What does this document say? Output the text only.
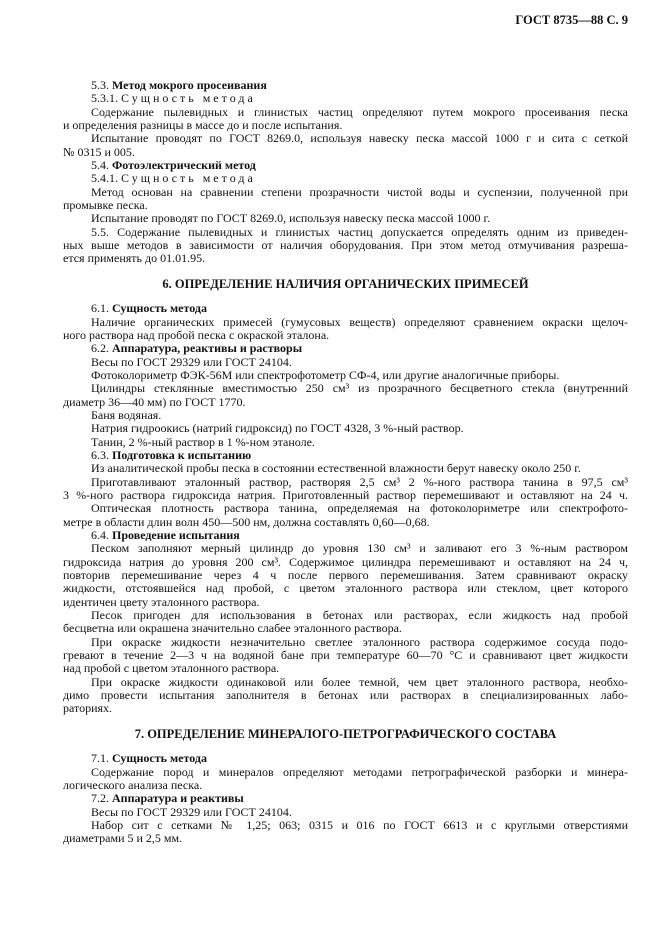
ГОСТ 8735—88 С. 9
5.3. Метод мокрого просеивания
5.3.1. Сущность метода
Содержание пылевидных и глинистых частиц определяют путем мокрого просеивания песка
и определения разницы в массе до и после испытания.
Испытание проводят по ГОСТ 8269.0, используя навеску песка массой 1000 г и сита с сеткой
№ 0315 и 005.
5.4. Фотоэлектрический метод
5.4.1. Сущность метода
Метод основан на сравнении степени прозрачности чистой воды и суспензии, полученной при
промывке песка.
Испытание проводят по ГОСТ 8269.0, используя навеску песка массой 1000 г.
5.5. Содержание пылевидных и глинистых частиц допускается определять одним из приведен-
ных выше методов в зависимости от наличия оборудования. При этом метод отмучивания разреша-
ется применять до 01.01.95.
6. ОПРЕДЕЛЕНИЕ НАЛИЧИЯ ОРГАНИЧЕСКИХ ПРИМЕСЕЙ
6.1. Сущность метода
Наличие органических примесей (гумусовых веществ) определяют сравнением окраски щелоч-
ного раствора над пробой песка с окраской эталона.
6.2. Аппаратура, реактивы и растворы
Весы по ГОСТ 29329 или ГОСТ 24104.
Фотоколориметр ФЭК-56М или спектрофотометр СФ-4, или другие аналогичные приборы.
Цилиндры стеклянные вместимостью 250 см³ из прозрачного бесцветного стекла (внутренний
диаметр 36—40 мм) по ГОСТ 1770.
Баня водяная.
Натрия гидроокись (натрий гидроксид) по ГОСТ 4328, 3 %-ный раствор.
Танин, 2 %-ный раствор в 1 %-ном этаноле.
6.3. Подготовка к испытанию
Из аналитической пробы песка в состоянии естественной влажности берут навеску около 250 г.
Приготавливают эталонный раствор, растворяя 2,5 см³ 2 %-ного раствора танина в 97,5 см³
3 %-ного раствора гидроксида натрия. Приготовленный раствор перемешивают и оставляют на 24 ч.
Оптическая плотность раствора танина, определяемая на фотоколориметре или спектрофото-
метре в области длин волн 450—500 нм, должна составлять 0,60—0,68.
6.4. Проведение испытания
Песком заполняют мерный цилиндр до уровня 130 см³ и заливают его 3 %-ным раствором
гидроксида натрия до уровня 200 см³. Содержимое цилиндра перемешивают и оставляют на 24 ч,
повторив перемешивание через 4 ч после первого перемешивания. Затем сравнивают окраску
жидкости, отстоявшейся над пробой, с цветом эталонного раствора или стеклом, цвет которого
идентичен цвету эталонного раствора.
Песок пригоден для использования в бетонах или растворах, если жидкость над пробой
бесцветна или окрашена значительно слабее эталонного раствора.
При окраске жидкости незначительно светлее эталонного раствора содержимое сосуда подо-
гревают в течение 2—3 ч на водяной бане при температуре 60—70 °С и сравнивают цвет жидкости
над пробой с цветом эталонного раствора.
При окраске жидкости одинаковой или более темной, чем цвет эталонного раствора, необхо-
димо провести испытания заполнителя в бетонах или растворах в специализированных лабо-
раториях.
7. ОПРЕДЕЛЕНИЕ МИНЕРАЛОГО-ПЕТРОГРАФИЧЕСКОГО СОСТАВА
7.1. Сущность метода
Содержание пород и минералов определяют методами петрографической разборки и минера-
логического анализа песка.
7.2. Аппаратура и реактивы
Весы по ГОСТ 29329 или ГОСТ 24104.
Набор сит с сетками № 1,25; 063; 0315 и 016 по ГОСТ 6613 и с круглыми отверстиями
диаметрами 5 и 2,5 мм.
